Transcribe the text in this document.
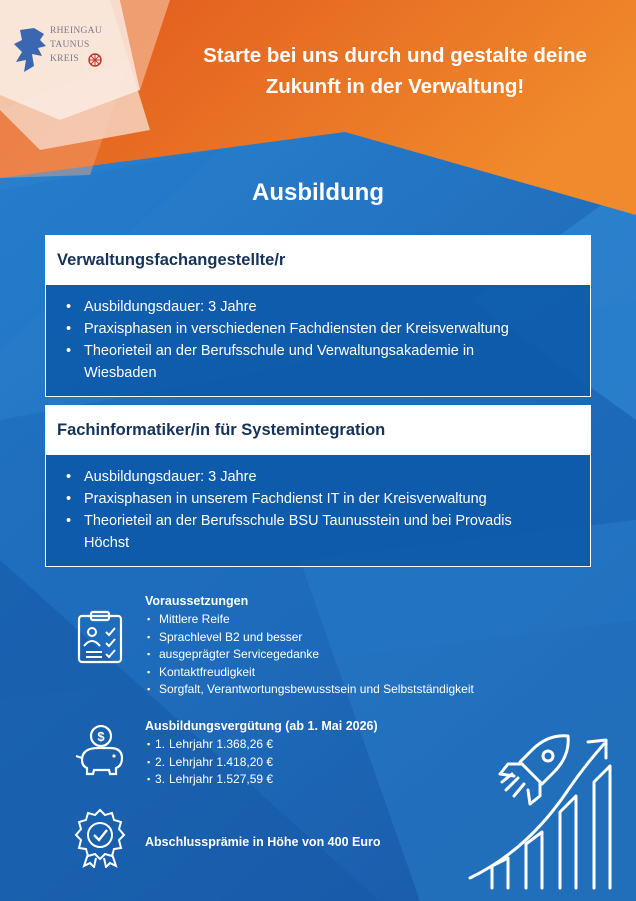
RHEINGAU
TAUNUS
KREIS	Starte bei uns durch und gestalte deine
Zukunft in der Verwaltung!
Ausbildung
Verwaltungsfachangestellte/r
• Ausbildungsdauer: 3 Jahre
• Praxisphasen in verschiedenen Fachdiensten der Kreisverwaltung
• Theorieteil an der Berufsschule und Verwaltungsakademie in Wiesbaden
Fachinformatiker/in für Systemintegration
• Ausbildungsdauer: 3 Jahre
• Praxisphasen in unserem Fachdienst IT in der Kreisverwaltung
• Theorieteil an der Berufsschule BSU Taunusstein und bei Provadis Höchst
Voraussetzungen
▪ Mittlere Reife
▪ Sprachlevel B2 und besser
▪ ausgeprägter Servicegedanke
▪ Kontaktfreudigkeit
▪ Sorgfalt, Verantwortungsbewusstsein und Selbstständigkeit
$
Ausbildungsvergütung (ab 1. Mai 2026)
▪ 1. Lehrjahr 1.368,26 €
▪ 2. Lehrjahr 1.418,20 €
▪ 3. Lehrjahr 1.527,59 €
Abschlussprämie in Höhe von 400 Euro
